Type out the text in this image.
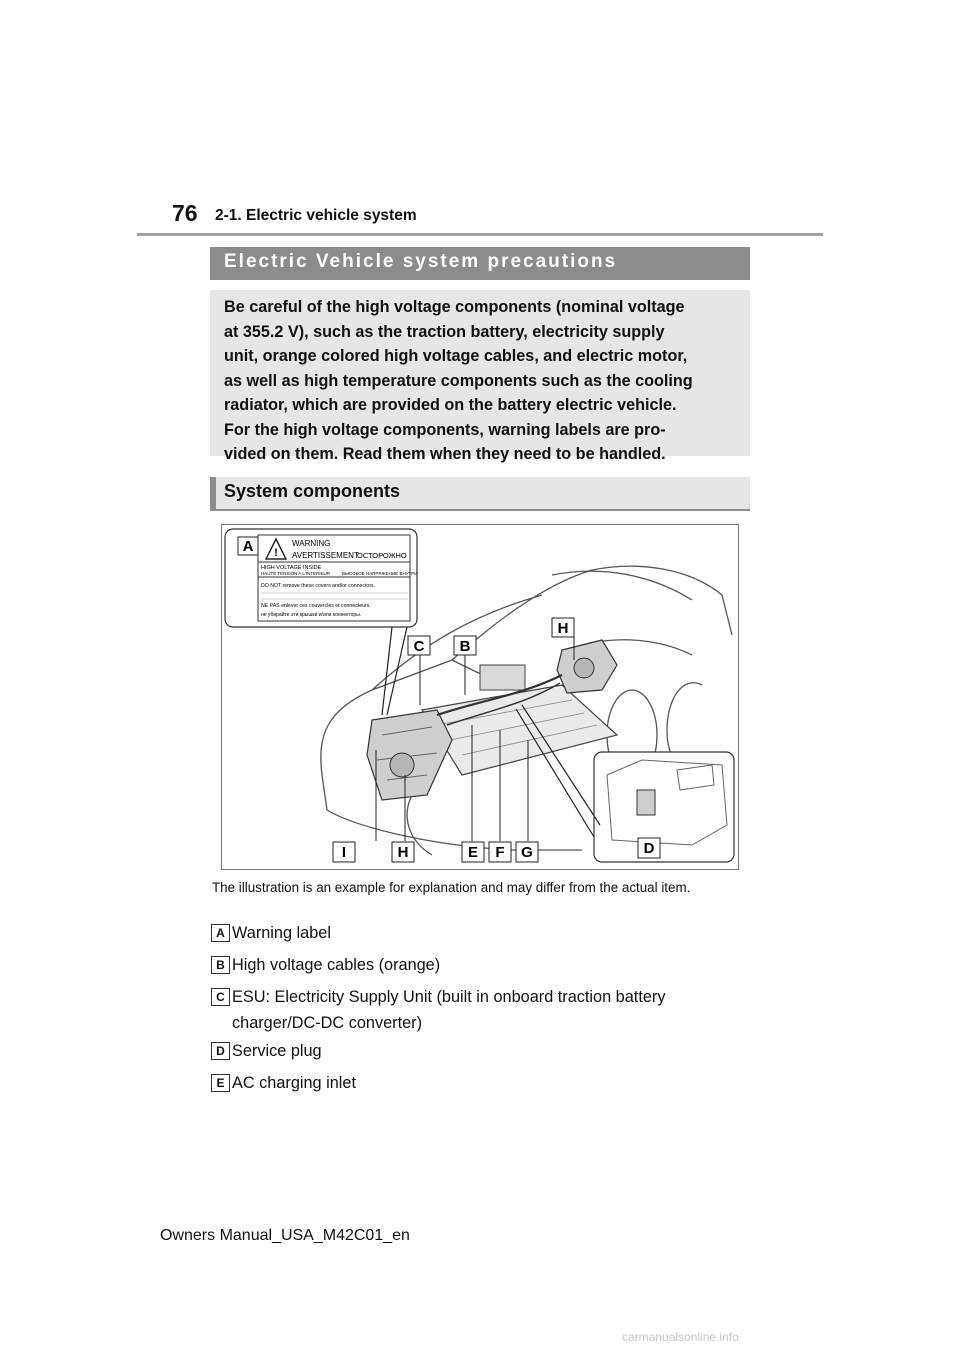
76 2-1. Electric vehicle system
Electric Vehicle system precautions
Be careful of the high voltage components (nominal voltage
at 355.2 V), such as the traction battery, electricity supply
unit, orange colored high voltage cables, and electric motor,
as well as high temperature components such as the cooling
radiator, which are provided on the battery electric vehicle.
For the high voltage components, warning labels are pro-
vided on them. Read them when they need to be handled.
System components
!
WARNING
AVERTISSEMENT
ОСТОРОЖНО
HIGH VOLTAGE INSIDE
HAUTE TENSION A L'INTERIEUR	ВЫСОКОЕ НАПРЯЖЕНИЕ ВНУТРИ
DO NOT remove these covers and/or connectors.
NE PAS enlever ces couvercles et connecteurs.
не убирайте эти крышки и/или коннекторы.
A
C B
H
I	H	E F G	D
The illustration is an example for explanation and may differ from the actual item.
A Warning label
B High voltage cables (orange)
C ESU: Electricity Supply Unit (built in onboard traction battery charger/DC-DC converter)
D Service plug
E AC charging inlet
Owners Manual_USA_M42C01_en
carmanualsonline.info
